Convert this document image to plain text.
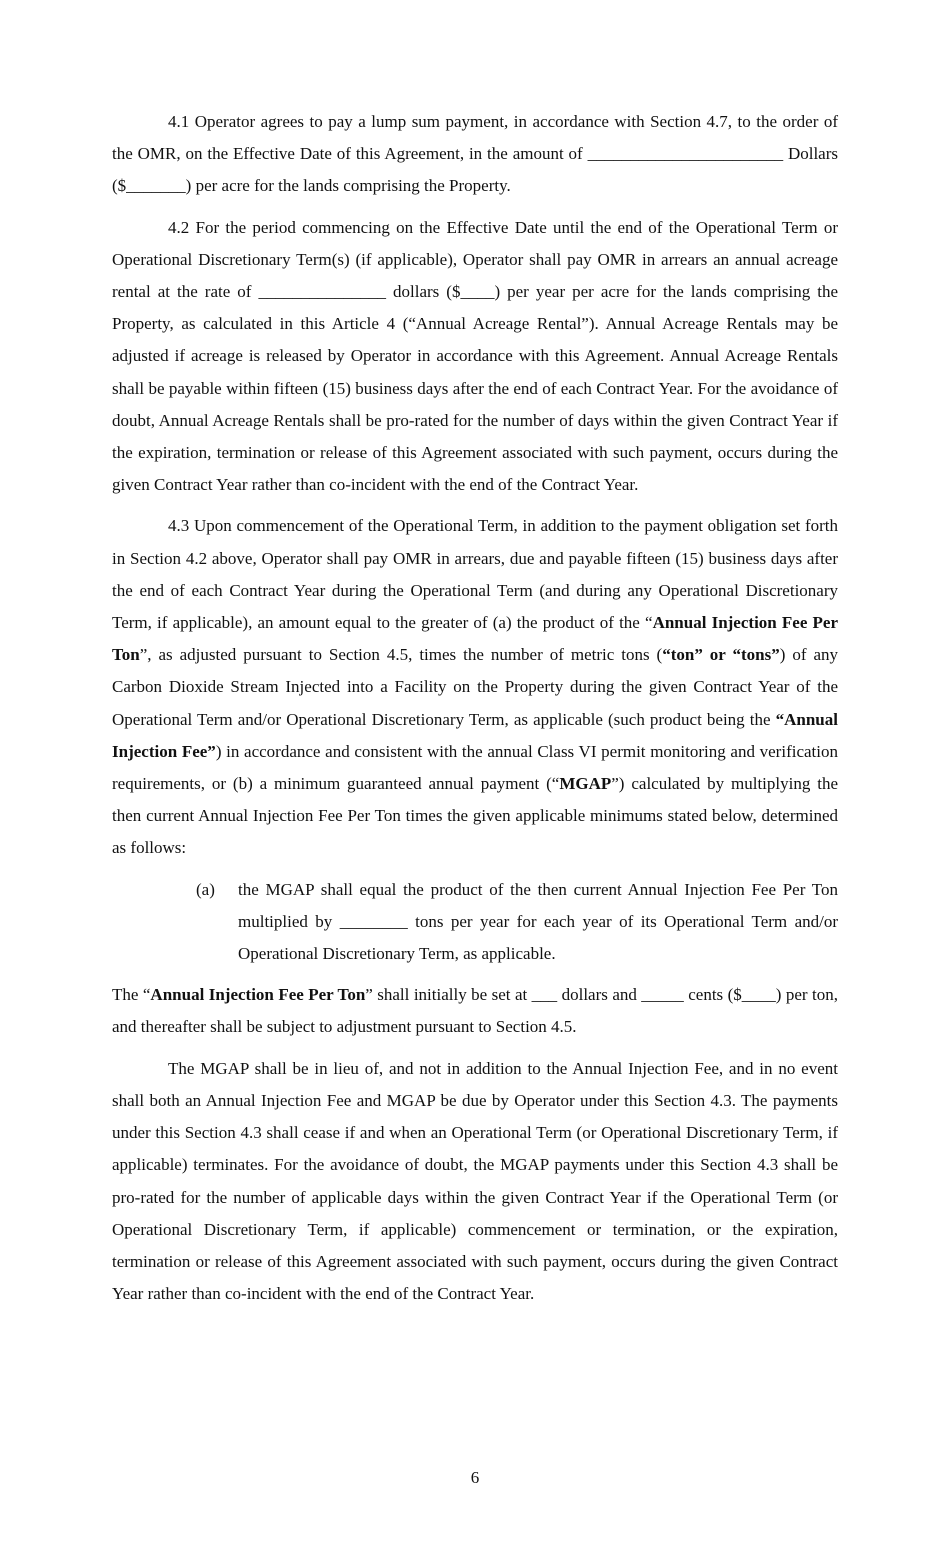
4.1 Operator agrees to pay a lump sum payment, in accordance with Section 4.7, to the order of the OMR, on the Effective Date of this Agreement, in the amount of _______________________ Dollars ($_______) per acre for the lands comprising the Property.

4.2 For the period commencing on the Effective Date until the end of the Operational Term or Operational Discretionary Term(s) (if applicable), Operator shall pay OMR in arrears an annual acreage rental at the rate of _______________ dollars ($____) per year per acre for the lands comprising the Property, as calculated in this Article 4 (“Annual Acreage Rental”). Annual Acreage Rentals may be adjusted if acreage is released by Operator in accordance with this Agreement. Annual Acreage Rentals shall be payable within fifteen (15) business days after the end of each Contract Year. For the avoidance of doubt, Annual Acreage Rentals shall be pro-rated for the number of days within the given Contract Year if the expiration, termination or release of this Agreement associated with such payment, occurs during the given Contract Year rather than co-incident with the end of the Contract Year.

4.3 Upon commencement of the Operational Term, in addition to the payment obligation set forth in Section 4.2 above, Operator shall pay OMR in arrears, due and payable fifteen (15) business days after the end of each Contract Year during the Operational Term (and during any Operational Discretionary Term, if applicable), an amount equal to the greater of (a) the product of the “Annual Injection Fee Per Ton”, as adjusted pursuant to Section 4.5, times the number of metric tons (“ton” or “tons”) of any Carbon Dioxide Stream Injected into a Facility on the Property during the given Contract Year of the Operational Term and/or Operational Discretionary Term, as applicable (such product being the “Annual Injection Fee”) in accordance and consistent with the annual Class VI permit monitoring and verification requirements, or (b) a minimum guaranteed annual payment (“MGAP”) calculated by multiplying the then current Annual Injection Fee Per Ton times the given applicable minimums stated below, determined as follows:

(a)	the MGAP shall equal the product of the then current Annual Injection Fee Per Ton multiplied by ________ tons per year for each year of its Operational Term and/or Operational Discretionary Term, as applicable.

The “Annual Injection Fee Per Ton” shall initially be set at ___ dollars and _____ cents ($____) per ton, and thereafter shall be subject to adjustment pursuant to Section 4.5.

The MGAP shall be in lieu of, and not in addition to the Annual Injection Fee, and in no event shall both an Annual Injection Fee and MGAP be due by Operator under this Section 4.3. The payments under this Section 4.3 shall cease if and when an Operational Term (or Operational Discretionary Term, if applicable) terminates. For the avoidance of doubt, the MGAP payments under this Section 4.3 shall be pro-rated for the number of applicable days within the given Contract Year if the Operational Term (or Operational Discretionary Term, if applicable) commencement or termination, or the expiration, termination or release of this Agreement associated with such payment, occurs during the given Contract Year rather than co-incident with the end of the Contract Year.

6
